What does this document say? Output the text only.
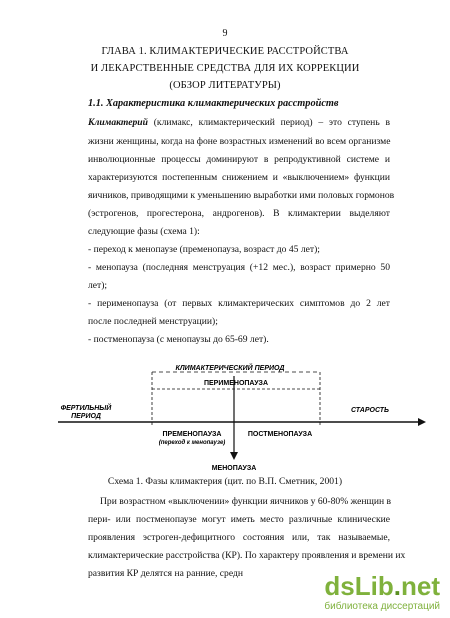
9
ГЛАВА 1. КЛИМАКТЕРИЧЕСКИЕ РАССТРОЙСТВА
И ЛЕКАРСТВЕННЫЕ СРЕДСТВА ДЛЯ ИХ КОРРЕКЦИИ
(ОБЗОР ЛИТЕРАТУРЫ)
1.1. Характеристика климактерических расстройств
Климактерий (климакс, климактерический период) – это ступень в
жизни женщины, когда на фоне возрастных изменений во всем организме
инволюционные процессы доминируют в репродуктивной системе и
характеризуются постепенным снижением и «выключением» функции
яичников, приводящими к уменьшению выработки ими половых гормонов
(эстрогенов, прогестерона, андрогенов). В климактерии выделяют
следующие фазы (схема 1):
- переход к менопаузе (пременопауза, возраст до 45 лет);
- менопауза (последняя менструация (+12 мес.), возраст примерно 50
лет);
- перименопауза (от первых климактерических симптомов до 2 лет
после последней менструации);
- постменопауза (с менопаузы до 65-69 лет).
КЛИМАКТЕРИЧЕСКИЙ ПЕРИОД
ПЕРИМЕНОПАУЗА
ФЕРТИЛЬНЫЙ
ПЕРИОД
СТАРОСТЬ
ПРЕМЕНОПАУЗА
(переход к менопаузе)
ПОСТМЕНОПАУЗА
МЕНОПАУЗА
Схема 1. Фазы климактерия (цит. по В.П. Сметник, 2001)
При возрастном «выключении» функции яичников у 60-80% женщин в
пери- или постменопаузе могут иметь место различные клинические
проявления эстроген-дефицитного состояния или, так называемые,
климактерические расстройства (КР). По характеру проявления и времени их
развития КР делятся на ранние, средн	dsLib.net
библиотека диссертаций
